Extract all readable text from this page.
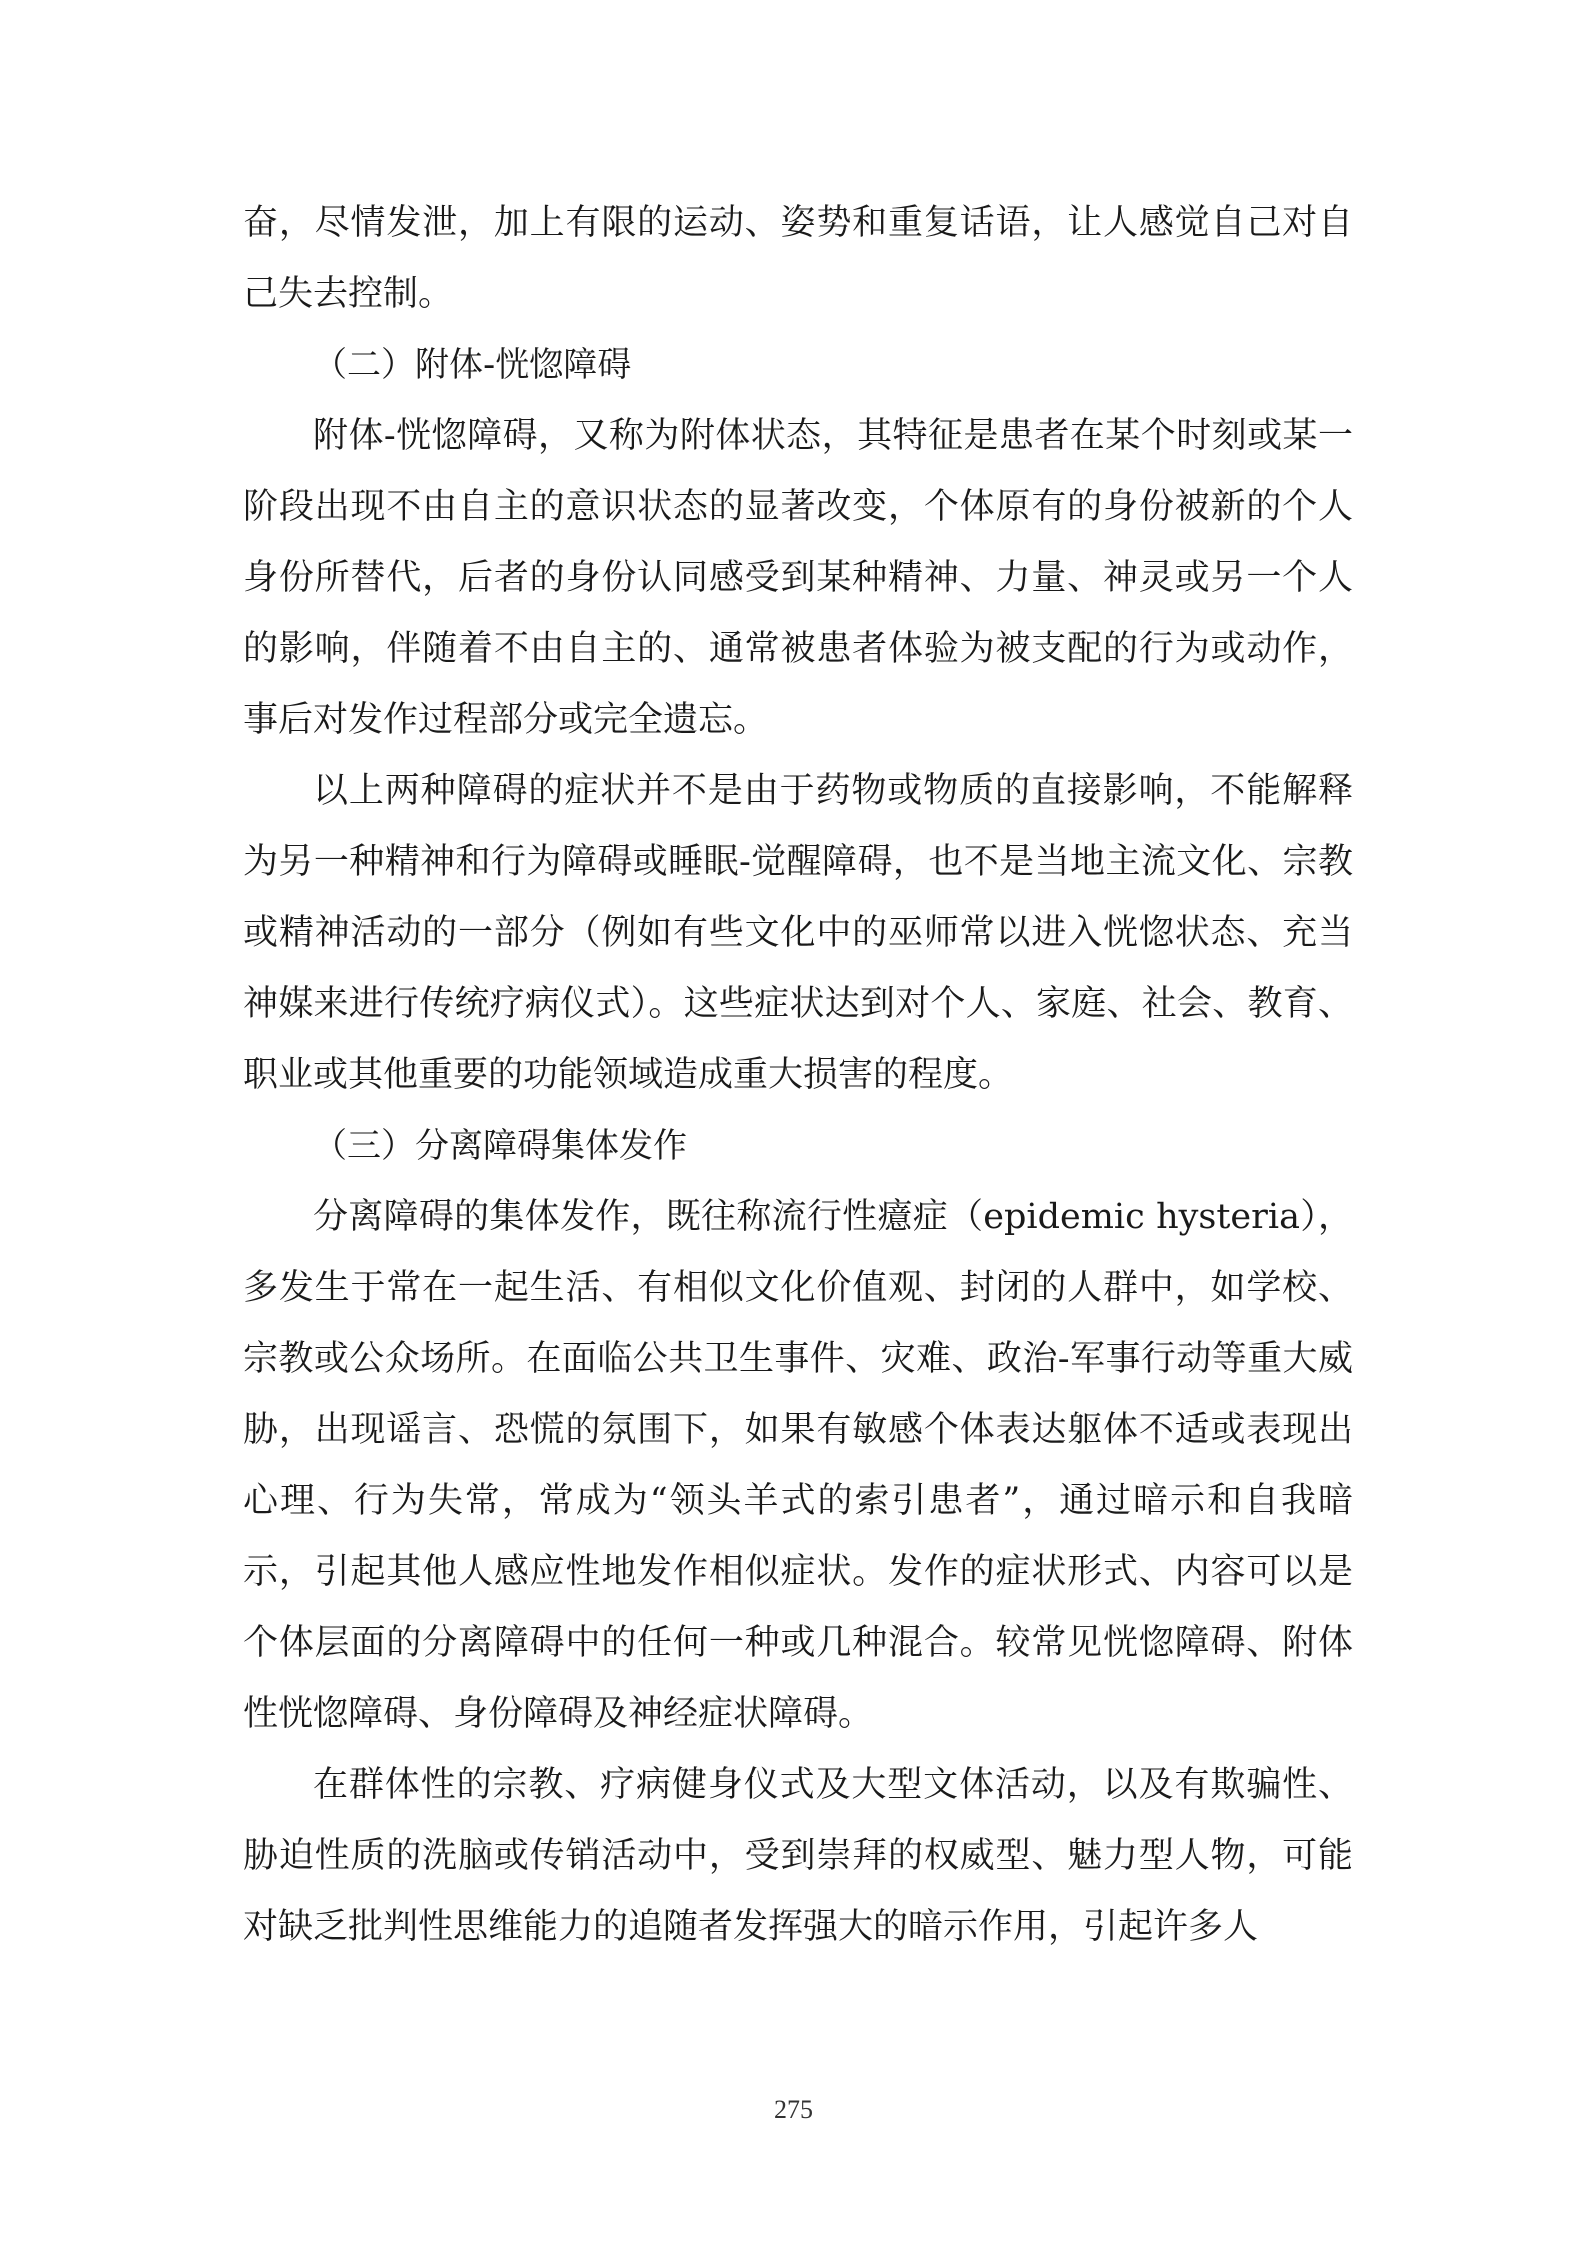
奋，尽情发泄，加上有限的运动、姿势和重复话语，让人感觉自己对自己失去控制。

（二）附体-恍惚障碍

附体-恍惚障碍，又称为附体状态，其特征是患者在某个时刻或某一阶段出现不由自主的意识状态的显著改变，个体原有的身份被新的个人身份所替代，后者的身份认同感受到某种精神、力量、神灵或另一个人的影响，伴随着不由自主的、通常被患者体验为被支配的行为或动作，事后对发作过程部分或完全遗忘。

以上两种障碍的症状并不是由于药物或物质的直接影响，不能解释为另一种精神和行为障碍或睡眠-觉醒障碍，也不是当地主流文化、宗教或精神活动的一部分（例如有些文化中的巫师常以进入恍惚状态、充当神媒来进行传统疗病仪式）。这些症状达到对个人、家庭、社会、教育、职业或其他重要的功能领域造成重大损害的程度。

（三）分离障碍集体发作

分离障碍的集体发作，既往称流行性癔症（epidemic hysteria），多发生于常在一起生活、有相似文化价值观、封闭的人群中，如学校、宗教或公众场所。在面临公共卫生事件、灾难、政治-军事行动等重大威胁，出现谣言、恐慌的氛围下，如果有敏感个体表达躯体不适或表现出心理、行为失常，常成为“领头羊式的索引患者”，通过暗示和自我暗示，引起其他人感应性地发作相似症状。发作的症状形式、内容可以是个体层面的分离障碍中的任何一种或几种混合。较常见恍惚障碍、附体性恍惚障碍、身份障碍及神经症状障碍。

在群体性的宗教、疗病健身仪式及大型文体活动，以及有欺骗性、胁迫性质的洗脑或传销活动中，受到崇拜的权威型、魅力型人物，可能对缺乏批判性思维能力的追随者发挥强大的暗示作用，引起许多人

275
